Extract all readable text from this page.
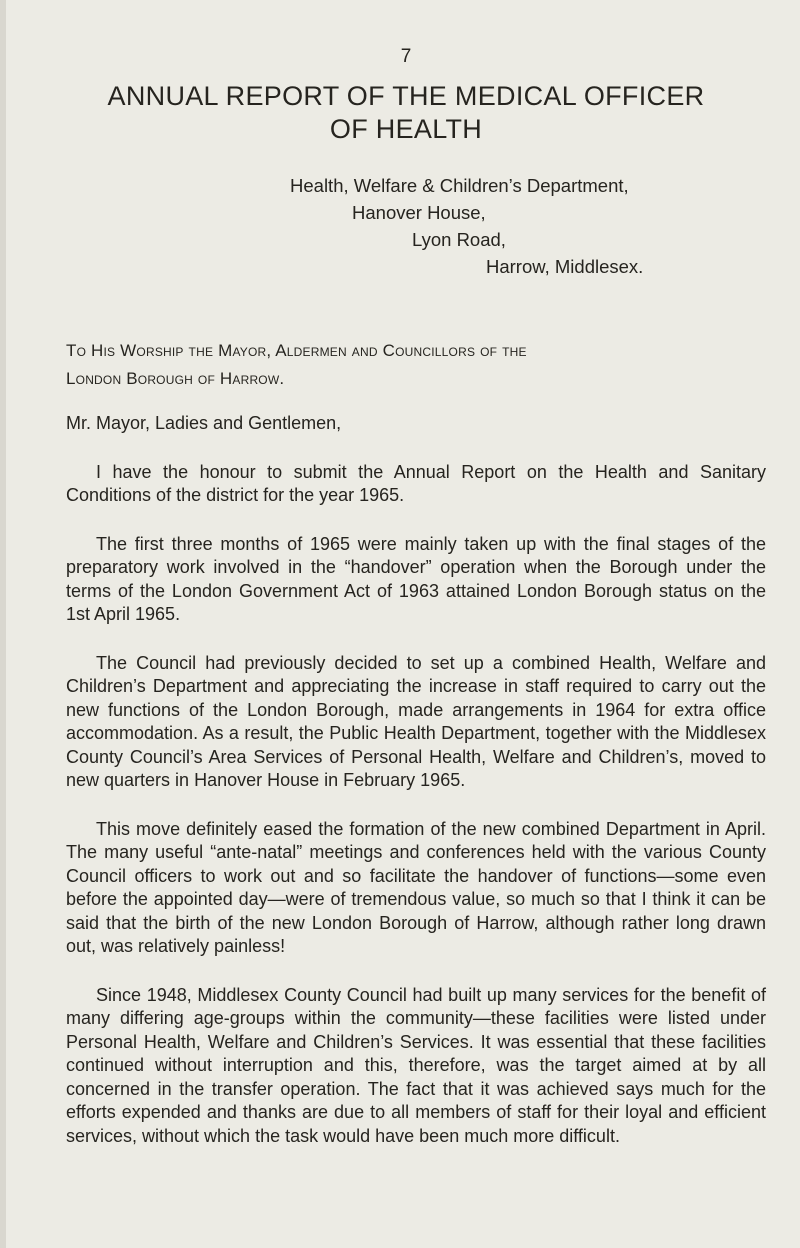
7
ANNUAL REPORT OF THE MEDICAL OFFICER
OF HEALTH
Health, Welfare & Children’s Department,
Hanover House,
Lyon Road,
Harrow, Middlesex.
To His Worship the Mayor, Aldermen and Councillors of the
London Borough of Harrow.

Mr. Mayor, Ladies and Gentlemen,

I have the honour to submit the Annual Report on the Health and Sanitary Conditions of the district for the year 1965.

The first three months of 1965 were mainly taken up with the final stages of the preparatory work involved in the “handover” operation when the Borough under the terms of the London Government Act of 1963 attained London Borough status on the 1st April 1965.

The Council had previously decided to set up a combined Health, Welfare and Children’s Department and appreciating the increase in staff required to carry out the new functions of the London Borough, made arrangements in 1964 for extra office accommodation. As a result, the Public Health Department, together with the Middlesex County Council’s Area Services of Personal Health, Welfare and Children’s, moved to new quarters in Hanover House in February 1965.

This move definitely eased the formation of the new combined Department in April. The many useful “ante-natal” meetings and conferences held with the various County Council officers to work out and so facilitate the handover of functions—some even before the appointed day—were of tremendous value, so much so that I think it can be said that the birth of the new London Borough of Harrow, although rather long drawn out, was relatively painless!

Since 1948, Middlesex County Council had built up many services for the benefit of many differing age-groups within the community—these facilities were listed under Personal Health, Welfare and Children’s Services. It was essential that these facilities continued without interruption and this, therefore, was the target aimed at by all concerned in the transfer operation. The fact that it was achieved says much for the efforts expended and thanks are due to all members of staff for their loyal and efficient services, without which the task would have been much more difficult.
